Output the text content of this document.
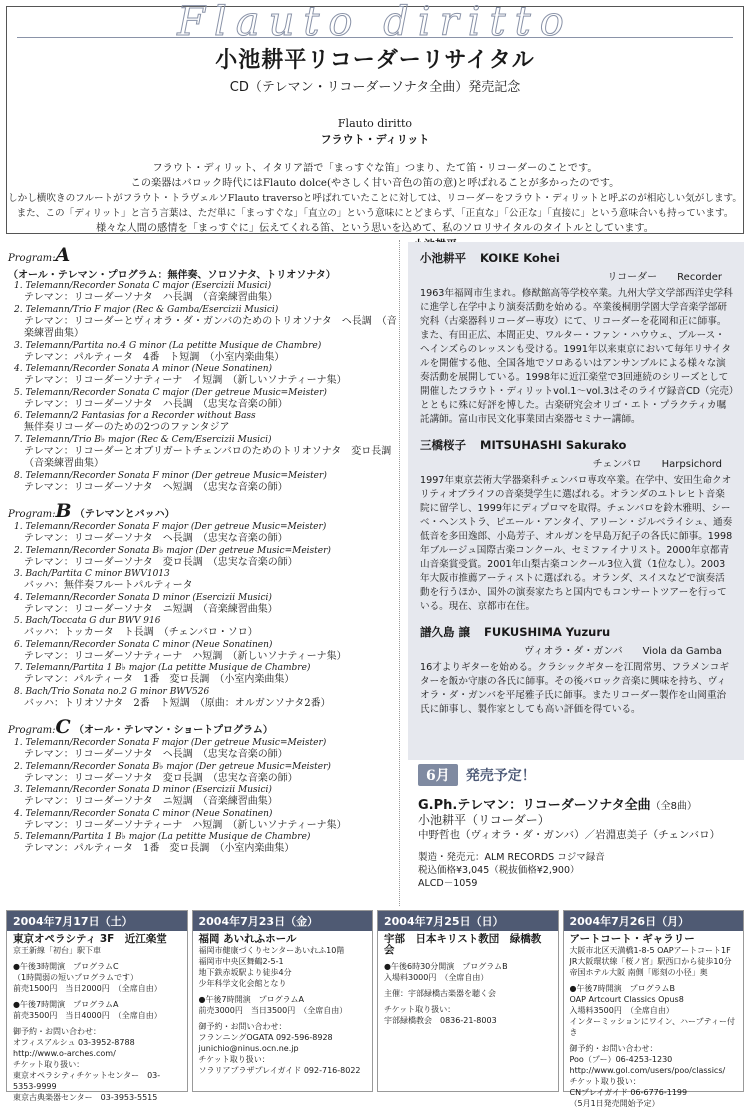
Flauto diritto
小池耕平リコーダーリサイタル
CD（テレマン・リコーダーソナタ全曲）発売記念
Flauto diritto
フラウト・ディリット
フラウト・ディリット、イタリア語で「まっすぐな笛」つまり、たて笛・リコーダーのことです。
この楽器はバロック時代にはFlauto dolce(やさしく甘い音色の笛の意)と呼ばれることが多かったのです。
しかし横吹きのフルートがフラウト・トラヴェルソFlauto traversoと呼ばれていたことに対しては、リコーダーをフラウト・ディリットと呼ぶのが相応しい気がします。
また、この「ディリット」と言う言葉は、ただ単に「まっすぐな」「直立の」という意味にとどまらず、「正直な」「公正な」「直接に」という意味合いも持っています。
様々な人間の感情を「まっすぐに」伝えてくれる笛、という思いを込めて、私のソロリサイタルのタイトルとしています。
Program:A （オール・テレマン・プログラム：無伴奏、ソロソナタ、トリオソナタ）
1. Telemann/Recorder Sonata C major (Esercizii Musici)
テレマン：リコーダーソナタ　ハ長調　（音楽練習曲集）
2. Telemann/Trio F major (Rec & Gamba/Esercizii Musici)
テレマン：リコーダーとヴィオラ・ダ・ガンバのためのトリオソナタ　ヘ長調　（音楽練習曲集）
3. Telemann/Partita no.4 G minor (La petitte Musique de Chambre)
テレマン：パルティータ　4番　ト短調　（小室内楽曲集）
4. Telemann/Recorder Sonata A minor (Neue Sonatinen)
テレマン：リコーダーソナティーナ　イ短調　（新しいソナティーナ集）
5. Telemann/Recorder Sonata C major (Der getreue Music=Meister)
テレマン：リコーダーソナタ　ハ長調　（忠実な音楽の師）
6. Telemann/2 Fantasias for a Recorder without Bass
無伴奏リコーダーのための2つのファンタジア
7. Telemann/Trio B♭ major (Rec & Cem/Esercizii Musici)
テレマン：リコーダーとオブリガートチェンバロのためのトリオソナタ　変ロ長調　（音楽練習曲集）
8. Telemann/Recorder Sonata F minor (Der getreue Music=Meister)
テレマン：リコーダーソナタ　ヘ短調　（忠実な音楽の師）
Program:B （テレマンとバッハ）
1. Telemann/Recorder Sonata F major (Der getreue Music=Meister)
テレマン：リコーダーソナタ　ヘ長調　（忠実な音楽の師）
2. Telemann/Recorder Sonata B♭ major (Der getreue Music=Meister)
テレマン：リコーダーソナタ　変ロ長調　（忠実な音楽の師）
3. Bach/Partita C minor BWV1013
バッハ：無伴奏フルートパルティータ
4. Telemann/Recorder Sonata D minor (Esercizii Musici)
テレマン：リコーダーソナタ　ニ短調　（音楽練習曲集）
5. Bach/Toccata G dur BWV 916
バッハ：トッカータ　ト長調　（チェンバロ・ソロ）
6. Telemann/Recorder Sonata C minor (Neue Sonatinen)
テレマン：リコーダーソナティーナ　ハ短調　（新しいソナティーナ集）
7. Telemann/Partita 1 B♭ major (La petitte Musique de Chambre)
テレマン：パルティータ　1番　変ロ長調　（小室内楽曲集）
8. Bach/Trio Sonata no.2 G minor BWV526
バッハ：トリオソナタ　2番　ト短調　（原曲：オルガンソナタ2番）
Program:C （オール・テレマン・ショートプログラム）
1. Telemann/Recorder Sonata F major (Der getreue Music=Meister)
テレマン：リコーダーソナタ　ヘ長調　（忠実な音楽の師）
2. Telemann/Recorder Sonata B♭ major (Der getreue Music=Meister)
テレマン：リコーダーソナタ　変ロ長調　（忠実な音楽の師）
3. Telemann/Recorder Sonata D minor (Esercizii Musici)
テレマン：リコーダーソナタ　ニ短調　（音楽練習曲集）
4. Telemann/Recorder Sonata C minor (Neue Sonatinen)
テレマン：リコーダーソナティーナ　ハ短調　（新しいソナティーナ集）
5. Telemann/Partita 1 B♭ major (La petitte Musique de Chambre)
テレマン：パルティータ　1番　変ロ長調　（小室内楽曲集）
小池耕平 KOIKE Kohei
リコーダー　　Recorder
1963年福岡市生まれ。修猷館高等学校卒業。九州大学文学部西洋史学科に進学し在学中より演奏活動を始める。卒業後桐朋学園大学音楽学部研究科（古楽器科リコーダー専攻）にて、リコーダーを花岡和正に師事。また、有田正広、本間正史、ワルター・ファン・ハウウェ、ブルース・ヘインズらのレッスンも受ける。1991年以来東京において毎年リサイタルを開催する他、全国各地でソロあるいはアンサンブルによる様々な演奏活動を展開している。1998年に近江楽堂で3回連続のシリーズとして開催したフラウト・ディリットvol.1～vol.3はそのライヴ録音CD（完売）とともに殊に好評を博した。古楽研究会オリゴ・エト・プラクティカ嘱託講師。富山市民文化事業団古楽器セミナー講師。
三橋桜子 MITSUHASHI Sakurako
チェンバロ　　Harpsichord
1997年東京芸術大学器楽科チェンバロ専攻卒業。在学中、安田生命クオリティオブライフの音楽奨学生に選ばれる。オランダのユトレヒト音楽院に留学し、1999年にディプロマを取得。チェンバロを鈴木雅明、シーベ・ヘンストラ、ピエール・アンタイ、アリーン・ジルベライシュ、通奏低音を多田逸郎、小島芳子、オルガンを早島万紀子の各氏に師事。1998年ブルージュ国際古楽コンクール、セミファイナリスト。2000年京都青山音楽賞受賞。2001年山梨古楽コンクール3位入賞（1位なし）。2003年大阪市推薦アーティストに選ばれる。オランダ、スイスなどで演奏活動を行うほか、国外の演奏家たちと国内でもコンサートツアーを行っている。現在、京都市在住。
譜久島 譲 FUKUSHIMA Yuzuru
ヴィオラ・ダ・ガンバ　　Viola da Gamba
16才よりギターを始める。クラシックギターを江間常男、フラメンコギターを飯か守康の各氏に師事。その後バロック音楽に興味を持ち、ヴィオラ・ダ・ガンバを平尾雅子氏に師事。またリコーダー製作を山岡重治氏に師事し、製作家としても高い評価を得ている。
6月	発売予定！
G.Ph.テレマン：リコーダーソナタ全曲（全8曲）
小池耕平（リコーダー）
中野哲也（ヴィオラ・ダ・ガンバ）／岩淵恵美子（チェンバロ）
製造・発売元：ALM RECORDS コジマ録音
税込価格¥3,045（税抜価格¥2,900）
ALCD－1059
2004年7月17日（土）
東京オペラシティ 3F　近江楽堂
京王新線「初台」駅下車
●午後3時開演　プログラムC
（1時間弱の短いプログラムです）
前売1500円　当日2000円　（全席自由）
●午後7時開演　プログラムA
前売3500円　当日4000円　（全席自由）
御予約・お問い合わせ：
オフィスアルシュ 03-3952-8788
http://www.o-arches.com/
チケット取り扱い：
東京オペラシティチケットセンター　03-5353-9999
東京古典楽器センター　03-3953-5515
2004年7月23日（金）
福岡 あいれふホール
福岡市健康づくりセンターあいれふ10階
福岡市中央区舞鶴2-5-1
地下鉄赤坂駅より徒歩4分
少年科学文化会館となり
●午後7時開演　プログラムA
前売3000円　当日3500円　（全席自由）
御予約・お問い合わせ：
フランニングOGATA 092-596-8928
junichio@ninus.ocn.ne.jp
チケット取り扱い：
ソラリアプラザプレイガイド 092-716-8022
2004年7月25日（日）
宇部　日本キリスト教団　緑橋教会
●午後6時30分開演　プログラムB
入場料3000円　（全席自由）
主催：宇部緑橋古楽器を聴く会
チケット取り扱い：
宇部緑橋教会　0836-21-8003
2004年7月26日（月）
アートコート・ギャラリー
大阪市北区天満橋1-8-5 OAPアートコート1F
JR大阪環状線「桜ノ宮」駅西口から徒歩10分
帝国ホテル大阪 南側「彫刻の小径」奥
●午後7時開演　プログラムB
OAP Artcourt Classics Opus8
入場料3500円　（全席自由）
インターミッションにワイン、ハーブティー付き
御予約・お問い合わせ：
Poo（プー）06-4253-1230
http://www.gol.com/users/poo/classics/
チケット取り扱い：
CNプレイガイド 06-6776-1199
（5月1日発売開始予定）
